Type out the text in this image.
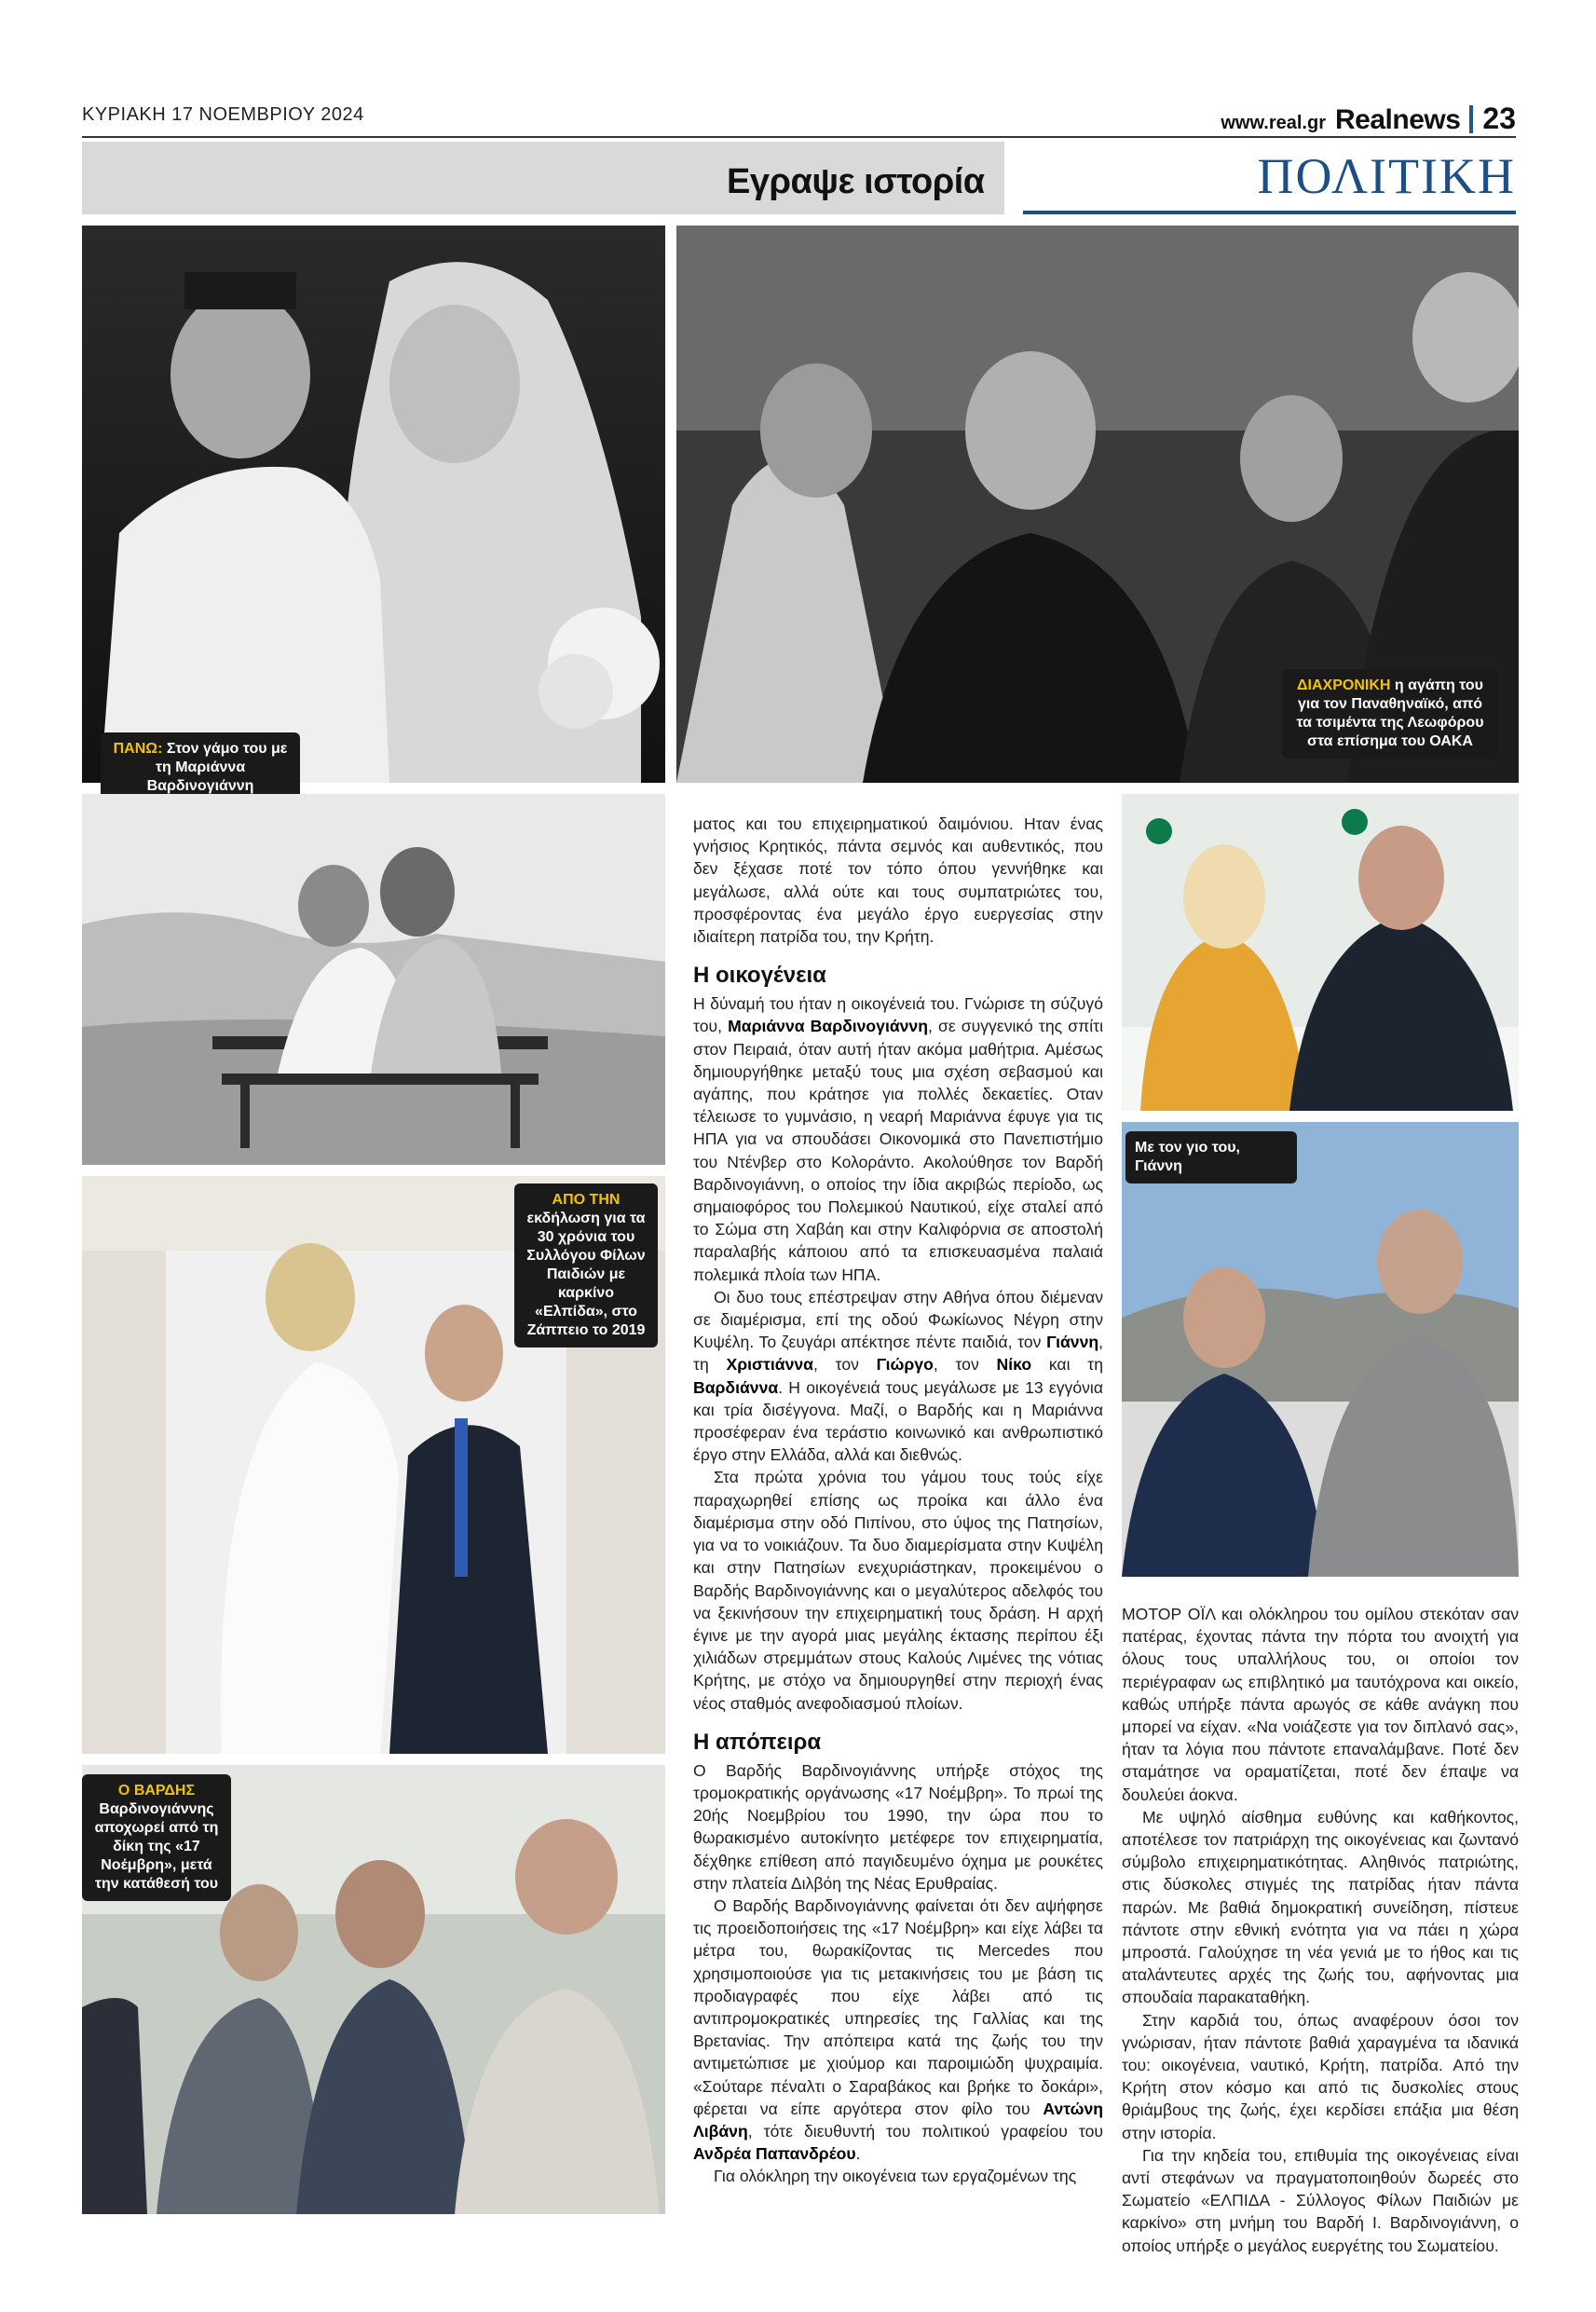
ΚΥΡΙΑΚΗ 17 ΝΟΕΜΒΡΙΟΥ 2024	www.real.gr Realnews 23
Εγραψε ιστορία	ΠΟΛΙΤΙΚΗ
ΠΑΝΩ: Στον γάμο του με τη Μαριάννα Βαρδινογιάννη

ΔΙΑΧΡΟΝΙΚΗ η αγάπη του για τον Παναθηναϊκό, από τα τσιμέντα της Λεωφόρου στα επίσημα του ΟΑΚΑ
ΑΠΟ ΤΗΝ
εκδήλωση για τα 30 χρόνια του Συλλόγου Φίλων Παιδιών με καρκίνο «Ελπίδα», στο Ζάππειο το 2019
Ο ΒΑΡΔΗΣ
Βαρδινογιάννης αποχωρεί από τη δίκη της «17 Νοέμβρη», μετά την κατάθεσή του
Με τον γιο του, Γιάννη

ματος και του επιχειρηματικού δαιμόνιου. Ηταν ένας γνήσιος Κρητικός, πάντα σεμνός και αυθεντικός, που δεν ξέχασε ποτέ τον τόπο όπου γεννήθηκε και μεγάλωσε, αλλά ούτε και τους συμπατριώτες του, προσφέροντας ένα μεγάλο έργο ευεργεσίας στην ιδιαίτερη πατρίδα του, την Κρήτη.

Η οικογένεια

Η δύναμή του ήταν η οικογένειά του. Γνώρισε τη σύζυγό του, Μαριάννα Βαρδινογιάννη, σε συγγενικό της σπίτι στον Πειραιά, όταν αυτή ήταν ακόμα μαθήτρια. Αμέσως δημιουργήθηκε μεταξύ τους μια σχέση σεβασμού και αγάπης, που κράτησε για πολλές δεκαετίες. Οταν τέλειωσε το γυμνάσιο, η νεαρή Μαριάννα έφυγε για τις ΗΠΑ για να σπουδάσει Οικονομικά στο Πανεπιστήμιο του Ντένβερ στο Κολοράντο. Ακολούθησε τον Βαρδή Βαρδινογιάννη, ο οποίος την ίδια ακριβώς περίοδο, ως σημαιοφόρος του Πολεμικού Ναυτικού, είχε σταλεί από το Σώμα στη Χαβάη και στην Καλιφόρνια σε αποστολή παραλαβής κάποιου από τα επισκευασμένα παλαιά πολεμικά πλοία των ΗΠΑ.

Οι δυο τους επέστρεψαν στην Αθήνα όπου διέμεναν σε διαμέρισμα, επί της οδού Φωκίωνος Νέγρη στην Κυψέλη. Το ζευγάρι απέκτησε πέντε παιδιά, τον Γιάννη, τη Χριστιάννα, τον Γιώργο, τον Νίκο και τη Βαρδιάννα. Η οικογένειά τους μεγάλωσε με 13 εγγόνια και τρία δισέγγονα. Μαζί, ο Βαρδής και η Μαριάννα προσέφεραν ένα τεράστιο κοινωνικό και ανθρωπιστικό έργο στην Ελλάδα, αλλά και διεθνώς.

Στα πρώτα χρόνια του γάμου τους τούς είχε παραχωρηθεί επίσης ως προίκα και άλλο ένα διαμέρισμα στην οδό Πιπίνου, στο ύψος της Πατησίων, για να το νοικιάζουν. Τα δυο διαμερίσματα στην Κυψέλη και στην Πατησίων ενεχυριάστηκαν, προκειμένου ο Βαρδής Βαρδινογιάννης και ο μεγαλύτερος αδελφός του να ξεκινήσουν την επιχειρηματική τους δράση. Η αρχή έγινε με την αγορά μιας μεγάλης έκτασης περίπου έξι χιλιάδων στρεμμάτων στους Καλούς Λιμένες της νότιας Κρήτης, με στόχο να δημιουργηθεί στην περιοχή ένας νέος σταθμός ανεφοδιασμού πλοίων.

Η απόπειρα

Ο Βαρδής Βαρδινογιάννης υπήρξε στόχος της τρομοκρατικής οργάνωσης «17 Νοέμβρη». Το πρωί της 20ής Νοεμβρίου του 1990, την ώρα που το θωρακισμένο αυτοκίνητο μετέφερε τον επιχειρηματία, δέχθηκε επίθεση από παγιδευμένο όχημα με ρουκέτες στην πλατεία Διλβόη της Νέας Ερυθραίας.

Ο Βαρδής Βαρδινογιάννης φαίνεται ότι δεν αψήφησε τις προειδοποιήσεις της «17 Νοέμβρη» και είχε λάβει τα μέτρα του, θωρακίζοντας τις Mercedes που χρησιμοποιούσε για τις μετακινήσεις του με βάση τις προδιαγραφές που είχε λάβει από τις αντιπρομοκρατικές υπηρεσίες της Γαλλίας και της Βρετανίας. Την απόπειρα κατά της ζωής του την αντιμετώπισε με χιούμορ και παροιμιώδη ψυχραιμία. «Σούταρε πέναλτι ο Σαραβάκος και βρήκε το δοκάρι», φέρεται να είπε αργότερα στον φίλο του Αντώνη Λιβάνη, τότε διευθυντή του πολιτικού γραφείου του Ανδρέα Παπανδρέου.

Για ολόκληρη την οικογένεια των εργαζομένων της

ΜΟΤΟΡ ΟΪΛ και ολόκληρου του ομίλου στεκόταν σαν πατέρας, έχοντας πάντα την πόρτα του ανοιχτή για όλους τους υπαλλήλους του, οι οποίοι τον περιέγραφαν ως επιβλητικό μα ταυτόχρονα και οικείο, καθώς υπήρξε πάντα αρωγός σε κάθε ανάγκη που μπορεί να είχαν. «Να νοιάζεστε για τον διπλανό σας», ήταν τα λόγια που πάντοτε επαναλάμβανε. Ποτέ δεν σταμάτησε να οραματίζεται, ποτέ δεν έπαψε να δουλεύει άοκνα.

Με υψηλό αίσθημα ευθύνης και καθήκοντος, αποτέλεσε τον πατριάρχη της οικογένειας και ζωντανό σύμβολο επιχειρηματικότητας. Αληθινός πατριώτης, στις δύσκολες στιγμές της πατρίδας ήταν πάντα παρών. Με βαθιά δημοκρατική συνείδηση, πίστευε πάντοτε στην εθνική ενότητα για να πάει η χώρα μπροστά. Γαλούχησε τη νέα γενιά με το ήθος και τις αταλάντευτες αρχές της ζωής του, αφήνοντας μια σπουδαία παρακαταθήκη.

Στην καρδιά του, όπως αναφέρουν όσοι τον γνώρισαν, ήταν πάντοτε βαθιά χαραγμένα τα ιδανικά του: οικογένεια, ναυτικό, Κρήτη, πατρίδα. Από την Κρήτη στον κόσμο και από τις δυσκολίες στους θριάμβους της ζωής, έχει κερδίσει επάξια μια θέση στην ιστορία.

Για την κηδεία του, επιθυμία της οικογένειας είναι αντί στεφάνων να πραγματοποιηθούν δωρεές στο Σωματείο «ΕΛΠΙΔΑ - Σύλλογος Φίλων Παιδιών με καρκίνο» στη μνήμη του Βαρδή Ι. Βαρδινογιάννη, ο οποίος υπήρξε ο μεγάλος ευεργέτης του Σωματείου.
